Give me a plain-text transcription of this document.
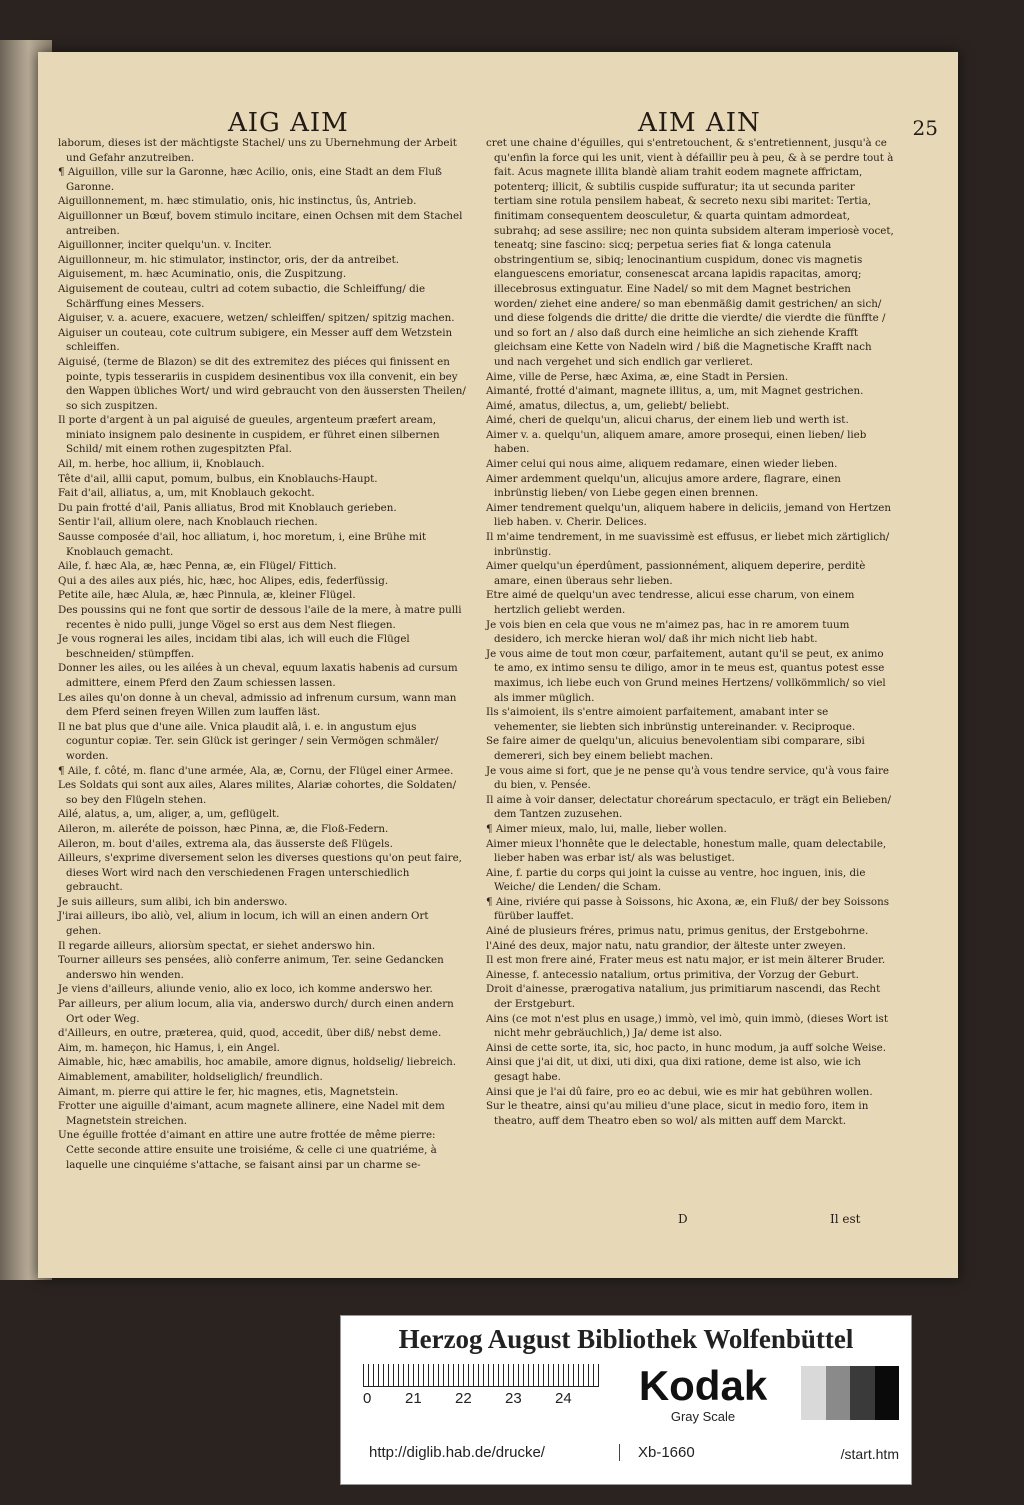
AIG AIM	AIM AIN	25

laborum, dieses ist der mächtigste Stachel/ uns zu Ubernehmung der Arbeit und Gefahr anzutreiben.

¶ Aiguillon, ville sur la Garonne, hæc Acilio, onis, eine Stadt an dem Fluß Garonne.

Aiguillonnement, m. hæc stimulatio, onis, hic instinctus, ûs, Antrieb.

Aiguillonner un Bœuf, bovem stimulo incitare, einen Ochsen mit dem Stachel antreiben.

Aiguillonner, inciter quelqu'un. v. Inciter.

Aiguillonneur, m. hic stimulator, instinctor, oris, der da antreibet.

Aiguisement, m. hæc Acuminatio, onis, die Zuspitzung.

Aiguisement de couteau, cultri ad cotem subactio, die Schleiffung/ die Schärffung eines Messers.

Aiguiser, v. a. acuere, exacuere, wetzen/ schleiffen/ spitzen/ spitzig machen.

Aiguiser un couteau, cote cultrum subigere, ein Messer auff dem Wetzstein schleiffen.

Aiguisé, (terme de Blazon) se dit des extremitez des piéces qui finissent en pointe, typis tesserariis in cuspidem desinentibus vox illa convenit, ein bey den Wappen übliches Wort/ und wird gebraucht von den äussersten Theilen/ so sich zuspitzen.

Il porte d'argent à un pal aiguisé de gueules, argenteum præfert aream, miniato insignem palo desinente in cuspidem, er führet einen silbernen Schild/ mit einem rothen zugespitzten Pfal.

Ail, m. herbe, hoc allium, ii, Knoblauch.

Tête d'ail, allii caput, pomum, bulbus, ein Knoblauchs-Haupt.

Fait d'ail, alliatus, a, um, mit Knoblauch gekocht.

Du pain frotté d'ail, Panis alliatus, Brod mit Knoblauch gerieben.

Sentir l'ail, allium olere, nach Knoblauch riechen.

Sausse composée d'ail, hoc alliatum, i, hoc moretum, i, eine Brühe mit Knoblauch gemacht.

Aile, f. hæc Ala, æ, hæc Penna, æ, ein Flügel/ Fittich.

Qui a des ailes aux piés, hic, hæc, hoc Alipes, edis, federfüssig.

Petite aile, hæc Alula, æ, hæc Pinnula, æ, kleiner Flügel.

Des poussins qui ne font que sortir de dessous l'aile de la mere, à matre pulli recentes è nido pulli, junge Vögel so erst aus dem Nest fliegen.

Je vous rognerai les ailes, incidam tibi alas, ich will euch die Flügel beschneiden/ stümpffen.

Donner les ailes, ou les ailées à un cheval, equum laxatis habenis ad cursum admittere, einem Pferd den Zaum schiessen lassen.

Les ailes qu'on donne à un cheval, admissio ad infrenum cursum, wann man dem Pferd seinen freyen Willen zum lauffen läst.

Il ne bat plus que d'une aile. Vnica plaudit alâ, i. e. in angustum ejus coguntur copiæ. Ter. sein Glück ist geringer / sein Vermögen schmäler/ worden.

¶ Aile, f. côté, m. flanc d'une armée, Ala, æ, Cornu, der Flügel einer Armee.

Les Soldats qui sont aux ailes, Alares milites, Alariæ cohortes, die Soldaten/ so bey den Flügeln stehen.

Ailé, alatus, a, um, aliger, a, um, geflügelt.

Aileron, m. aileréte de poisson, hæc Pinna, æ, die Floß-Federn.

Aileron, m. bout d'ailes, extrema ala, das äusserste deß Flügels.

Ailleurs, s'exprime diversement selon les diverses questions qu'on peut faire, dieses Wort wird nach den verschiedenen Fragen unterschiedlich gebraucht.

Je suis ailleurs, sum alibi, ich bin anderswo.

J'irai ailleurs, ibo aliò, vel, alium in locum, ich will an einen andern Ort gehen.

Il regarde ailleurs, aliorsùm spectat, er siehet anderswo hin.

Tourner ailleurs ses pensées, aliò conferre animum, Ter. seine Gedancken anderswo hin wenden.

Je viens d'ailleurs, aliunde venio, alio ex loco, ich komme anderswo her.

Par ailleurs, per alium locum, alia via, anderswo durch/ durch einen andern Ort oder Weg.

d'Ailleurs, en outre, præterea, quid, quod, accedit, über diß/ nebst deme.

Aim, m. hameçon, hic Hamus, i, ein Angel.

Aimable, hic, hæc amabilis, hoc amabile, amore dignus, holdselig/ liebreich.

Aimablement, amabiliter, holdseliglich/ freundlich.

Aimant, m. pierre qui attire le fer, hic magnes, etis, Magnetstein.

Frotter une aiguille d'aimant, acum magnete allinere, eine Nadel mit dem Magnetstein streichen.

Une éguille frottée d'aimant en attire une autre frottée de même pierre: Cette seconde attire ensuite une troisiéme, & celle ci une quatriéme, à laquelle une cinquiéme s'attache, se faisant ainsi par un charme se-

cret une chaine d'éguilles, qui s'entretouchent, & s'entretiennent, jusqu'à ce qu'enfin la force qui les unit, vient à défaillir peu à peu, & à se perdre tout à fait. Acus magnete illita blandè aliam trahit eodem magnete affrictam, potenterq; illicit, & subtilis cuspide suffuratur; ita ut secunda pariter tertiam sine rotula pensilem habeat, & secreto nexu sibi maritet: Tertia, finitimam consequentem deosculetur, & quarta quintam admordeat, subrahq; ad sese assilire; nec non quinta subsidem alteram imperiosè vocet, teneatq; sine fascino: sicq; perpetua series fiat & longa catenula obstringentium se, sibiq; lenocinantium cuspidum, donec vis magnetis elanguescens emoriatur, consenescat arcana lapidis rapacitas, amorq; illecebrosus extinguatur. Eine Nadel/ so mit dem Magnet bestrichen worden/ ziehet eine andere/ so man ebenmäßig damit gestrichen/ an sich/ und diese folgends die dritte/ die dritte die vierdte/ die vierdte die fünffte / und so fort an / also daß durch eine heimliche an sich ziehende Krafft gleichsam eine Kette von Nadeln wird / biß die Magnetische Krafft nach und nach vergehet und sich endlich gar verlieret.

Aime, ville de Perse, hæc Axima, æ, eine Stadt in Persien.

Aimanté, frotté d'aimant, magnete illitus, a, um, mit Magnet gestrichen.

Aimé, amatus, dilectus, a, um, geliebt/ beliebt.

Aimé, cheri de quelqu'un, alicui charus, der einem lieb und werth ist.

Aimer v. a. quelqu'un, aliquem amare, amore prosequi, einen lieben/ lieb haben.

Aimer celui qui nous aime, aliquem redamare, einen wieder lieben.

Aimer ardemment quelqu'un, alicujus amore ardere, flagrare, einen inbrünstig lieben/ von Liebe gegen einen brennen.

Aimer tendrement quelqu'un, aliquem habere in deliciis, jemand von Hertzen lieb haben. v. Cherir. Delices.

Il m'aime tendrement, in me suavissimè est effusus, er liebet mich zärtiglich/ inbrünstig.

Aimer quelqu'un éperdûment, passionnément, aliquem deperire, perditè amare, einen überaus sehr lieben.

Etre aimé de quelqu'un avec tendresse, alicui esse charum, von einem hertzlich geliebt werden.

Je vois bien en cela que vous ne m'aimez pas, hac in re amorem tuum desidero, ich mercke hieran wol/ daß ihr mich nicht lieb habt.

Je vous aime de tout mon cœur, parfaitement, autant qu'il se peut, ex animo te amo, ex intimo sensu te diligo, amor in te meus est, quantus potest esse maximus, ich liebe euch von Grund meines Hertzens/ vollkömmlich/ so viel als immer müglich.

Ils s'aimoient, ils s'entre aimoient parfaitement, amabant inter se vehementer, sie liebten sich inbrünstig untereinander. v. Reciproque.

Se faire aimer de quelqu'un, alicuius benevolentiam sibi comparare, sibi demereri, sich bey einem beliebt machen.

Je vous aime si fort, que je ne pense qu'à vous tendre service, qu'à vous faire du bien, v. Pensée.

Il aime à voir danser, delectatur choreárum spectaculo, er trägt ein Belieben/ dem Tantzen zuzusehen.

¶ Aimer mieux, malo, lui, malle, lieber wollen.

Aimer mieux l'honnête que le delectable, honestum malle, quam delectabile, lieber haben was erbar ist/ als was belustiget.

Aine, f. partie du corps qui joint la cuisse au ventre, hoc inguen, inis, die Weiche/ die Lenden/ die Scham.

¶ Aine, riviére qui passe à Soissons, hic Axona, æ, ein Fluß/ der bey Soissons fürüber lauffet.

Ainé de plusieurs fréres, primus natu, primus genitus, der Erstgebohrne.

l'Ainé des deux, major natu, natu grandior, der älteste unter zweyen.

Il est mon frere ainé, Frater meus est natu major, er ist mein älterer Bruder.

Ainesse, f. antecessio natalium, ortus primitiva, der Vorzug der Geburt.

Droit d'ainesse, prærogativa natalium, jus primitiarum nascendi, das Recht der Erstgeburt.

Ains (ce mot n'est plus en usage,) immò, vel imò, quin immò, (dieses Wort ist nicht mehr gebräuchlich,) Ja/ deme ist also.

Ainsi de cette sorte, ita, sic, hoc pacto, in hunc modum, ja auff solche Weise.

Ainsi que j'ai dit, ut dixi, uti dixi, qua dixi ratione, deme ist also, wie ich gesagt habe.

Ainsi que je l'ai dû faire, pro eo ac debui, wie es mir hat gebühren wollen.

Sur le theatre, ainsi qu'au milieu d'une place, sicut in medio foro, item in theatro, auff dem Theatro eben so wol/ als mitten auff dem Marckt.

D	Il est
Herzog August Bibliothek Wolfenbüttel
0 21 22 23 24	Kodak
Gray Scale
http://diglib.hab.de/drucke/	Xb-1660	/start.htm
